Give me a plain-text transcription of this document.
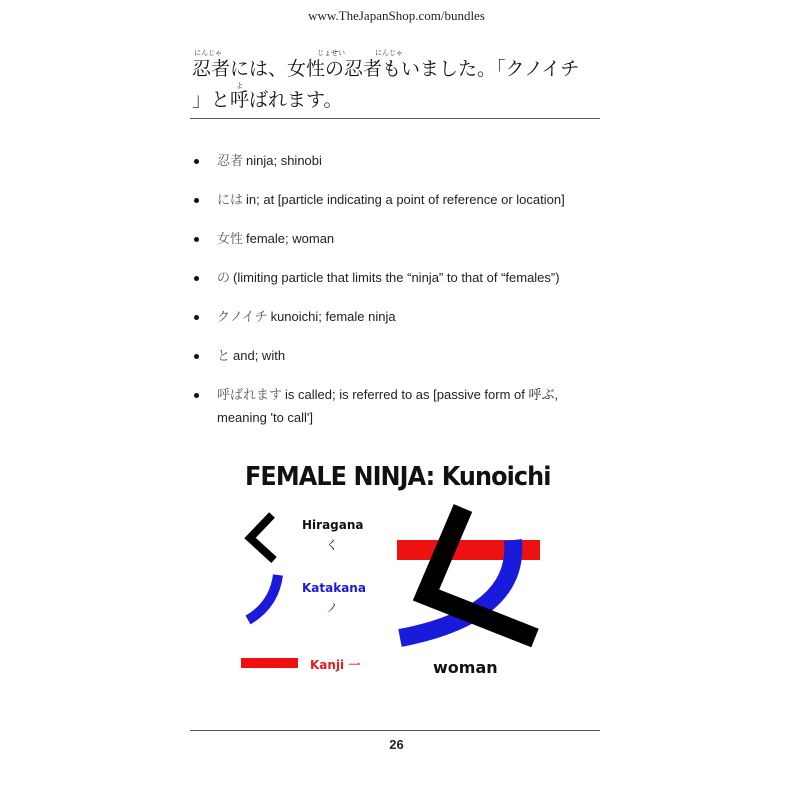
www.TheJapanShop.com/bundles
にんじゃ	じょせい	にんじゃ
忍者には、女性の忍者もいました。「クノイチ
よ
」と呼ばれます。
忍者 ninja; shinobi
には in; at [particle indicating a point of reference or location]
女性 female; woman
の (limiting particle that limits the “ninja” to that of “females”)
クノイチ kunoichi; female ninja
と and; with
呼ばれます is called; is referred to as [passive form of 呼ぶ, meaning 'to call']
FEMALE NINJA: Kunoichi
Hiragana
く
Katakana
ノ
Kanji 一	woman
26
